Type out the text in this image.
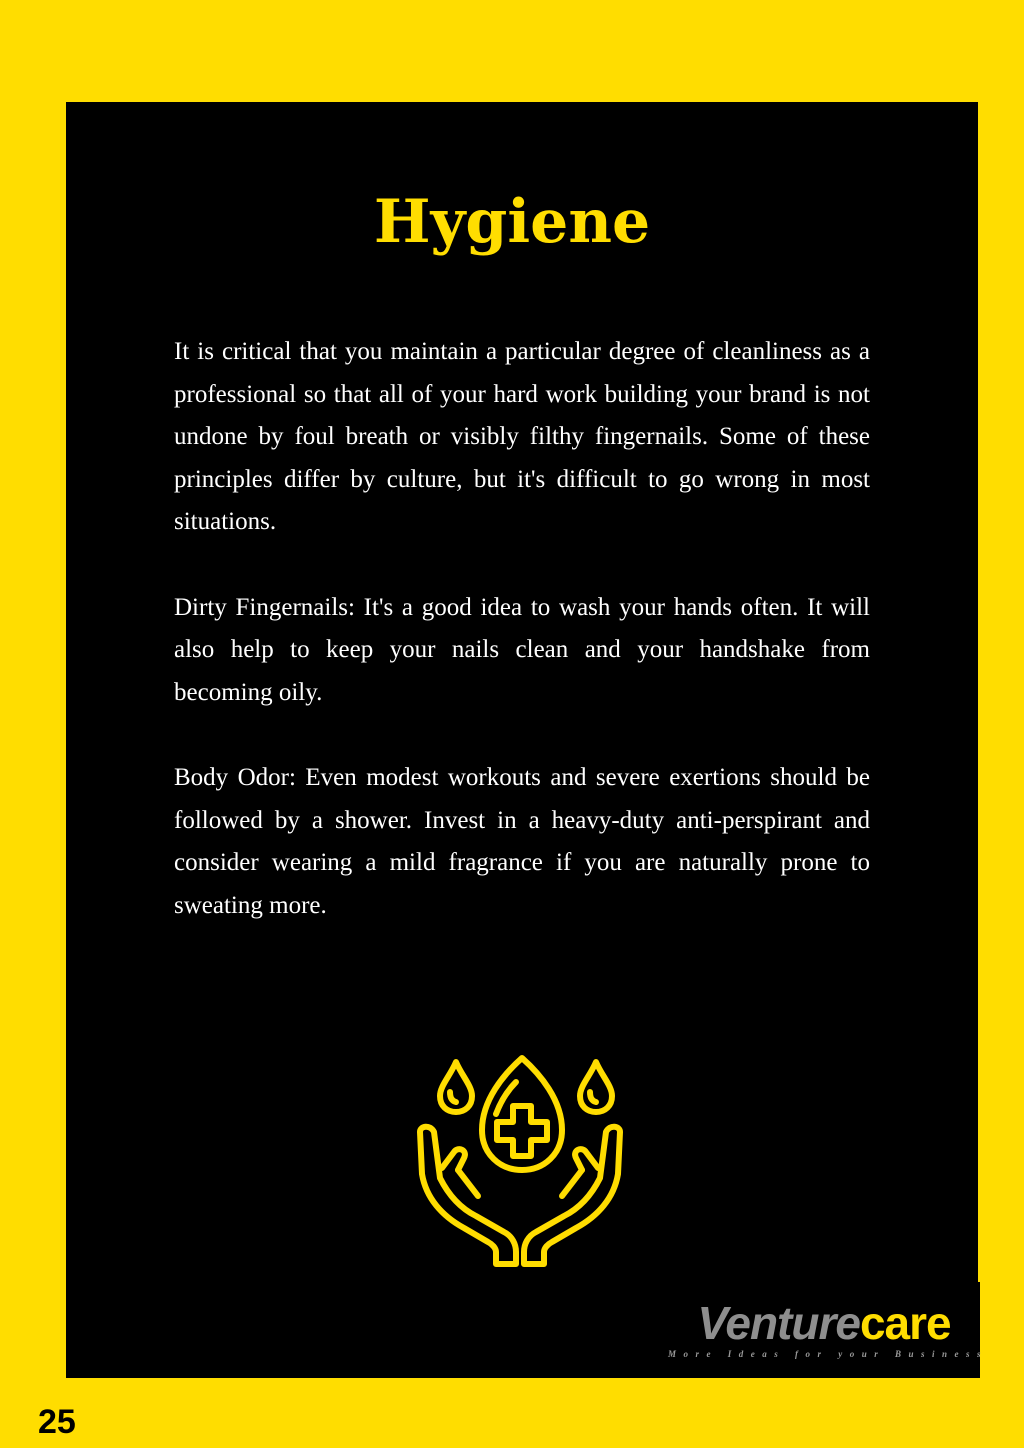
Hygiene

It is critical that you maintain a particular degree of cleanliness as a professional so that all of your hard work building your brand is not undone by foul breath or visibly filthy fingernails. Some of these principles differ by culture, but it's difficult to go wrong in most situations.

Dirty Fingernails: It's a good idea to wash your hands often. It will also help to keep your nails clean and your handshake from becoming oily.

Body Odor: Even modest workouts and severe exertions should be followed by a shower. Invest in a heavy-duty anti-perspirant and consider wearing a mild fragrance if you are naturally prone to sweating more.

Venturecare
More Ideas for your Business
25
